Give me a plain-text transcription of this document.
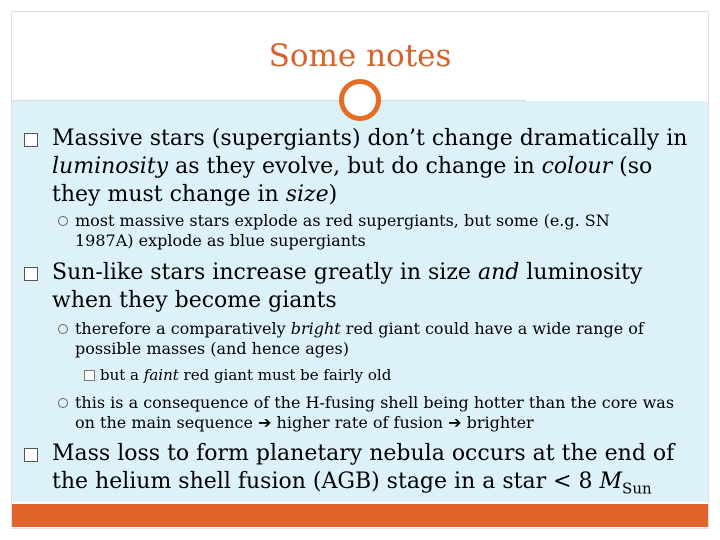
Some notes
Massive stars (supergiants) don’t change dramatically in luminosity as they evolve, but do change in colour (so they must change in size)
most massive stars explode as red supergiants, but some (e.g. SN 1987A) explode as blue supergiants
Sun-like stars increase greatly in size and luminosity when they become giants
therefore a comparatively bright red giant could have a wide range of possible masses (and hence ages)
but a faint red giant must be fairly old
this is a consequence of the H-fusing shell being hotter than the core was on the main sequence ➔ higher rate of fusion ➔ brighter
Mass loss to form planetary nebula occurs at the end of the helium shell fusion (AGB) stage in a star < 8 $M_{Sun}$
